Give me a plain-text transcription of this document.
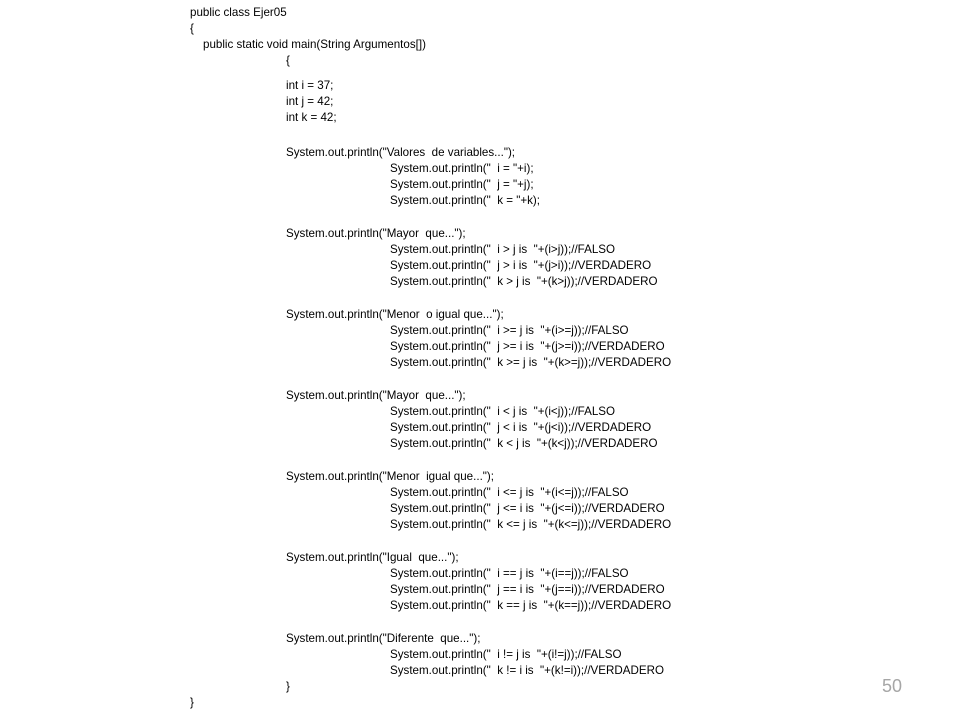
public class Ejer05
{
public static void main(String Argumentos[])
{
int i = 37;
int j = 42;
int k = 42;
System.out.println("Valores  de variables...");
System.out.println("  i = "+i);
System.out.println("  j = "+j);
System.out.println("  k = "+k);
System.out.println("Mayor  que...");
System.out.println("  i > j is  "+(i>j));//FALSO
System.out.println("  j > i is  "+(j>i));//VERDADERO
System.out.println("  k > j is  "+(k>j));//VERDADERO
System.out.println("Menor  o igual que...");
System.out.println("  i >= j is  "+(i>=j));//FALSO
System.out.println("  j >= i is  "+(j>=i));//VERDADERO
System.out.println("  k >= j is  "+(k>=j));//VERDADERO
System.out.println("Mayor  que...");
System.out.println("  i < j is  "+(i<j));//FALSO
System.out.println("  j < i is  "+(j<i));//VERDADERO
System.out.println("  k < j is  "+(k<j));//VERDADERO
System.out.println("Menor  igual que...");
System.out.println("  i <= j is  "+(i<=j));//FALSO
System.out.println("  j <= i is  "+(j<=i));//VERDADERO
System.out.println("  k <= j is  "+(k<=j));//VERDADERO
System.out.println("Igual  que...");
System.out.println("  i == j is  "+(i==j));//FALSO
System.out.println("  j == i is  "+(j==i));//VERDADERO
System.out.println("  k == j is  "+(k==j));//VERDADERO
System.out.println("Diferente  que...");
System.out.println("  i != j is  "+(i!=j));//FALSO
System.out.println("  k != i is  "+(k!=i));//VERDADERO
}
}
50
